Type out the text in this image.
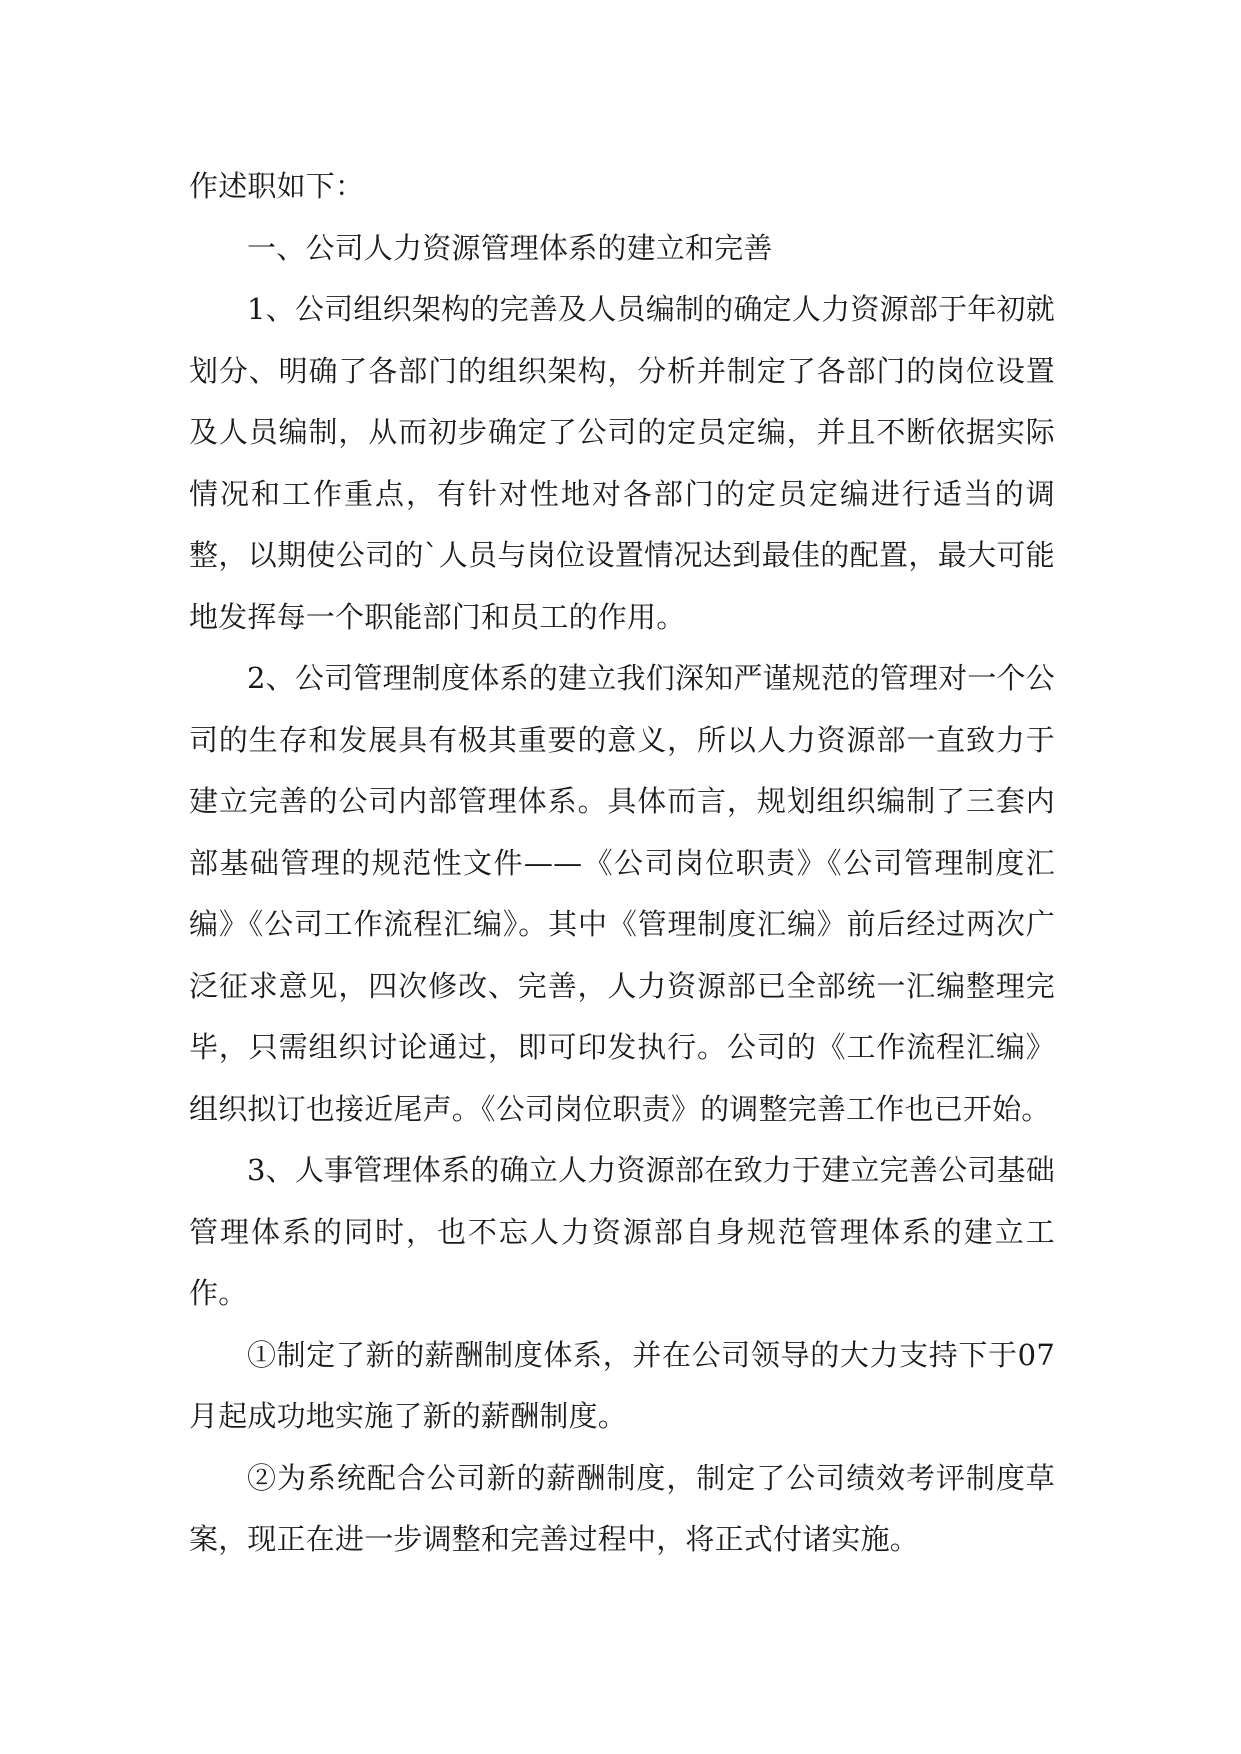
作述职如下：

一、公司人力资源管理体系的建立和完善

1、公司组织架构的完善及人员编制的确定人力资源部于年初就划分、明确了各部门的组织架构，分析并制定了各部门的岗位设置及人员编制，从而初步确定了公司的定员定编，并且不断依据实际情况和工作重点，有针对性地对各部门的定员定编进行适当的调整，以期使公司的`人员与岗位设置情况达到最佳的配置，最大可能地发挥每一个职能部门和员工的作用。

2、公司管理制度体系的建立我们深知严谨规范的管理对一个公司的生存和发展具有极其重要的意义，所以人力资源部一直致力于建立完善的公司内部管理体系。具体而言，规划组织编制了三套内部基础管理的规范性文件——《公司岗位职责》《公司管理制度汇编》《公司工作流程汇编》。其中《管理制度汇编》前后经过两次广泛征求意见，四次修改、完善，人力资源部已全部统一汇编整理完毕，只需组织讨论通过，即可印发执行。公司的《工作流程汇编》组织拟订也接近尾声。《公司岗位职责》的调整完善工作也已开始。

3、人事管理体系的确立人力资源部在致力于建立完善公司基础管理体系的同时，也不忘人力资源部自身规范管理体系的建立工作。

①制定了新的薪酬制度体系，并在公司领导的大力支持下于07月起成功地实施了新的薪酬制度。

②为系统配合公司新的薪酬制度，制定了公司绩效考评制度草案，现正在进一步调整和完善过程中，将正式付诸实施。
